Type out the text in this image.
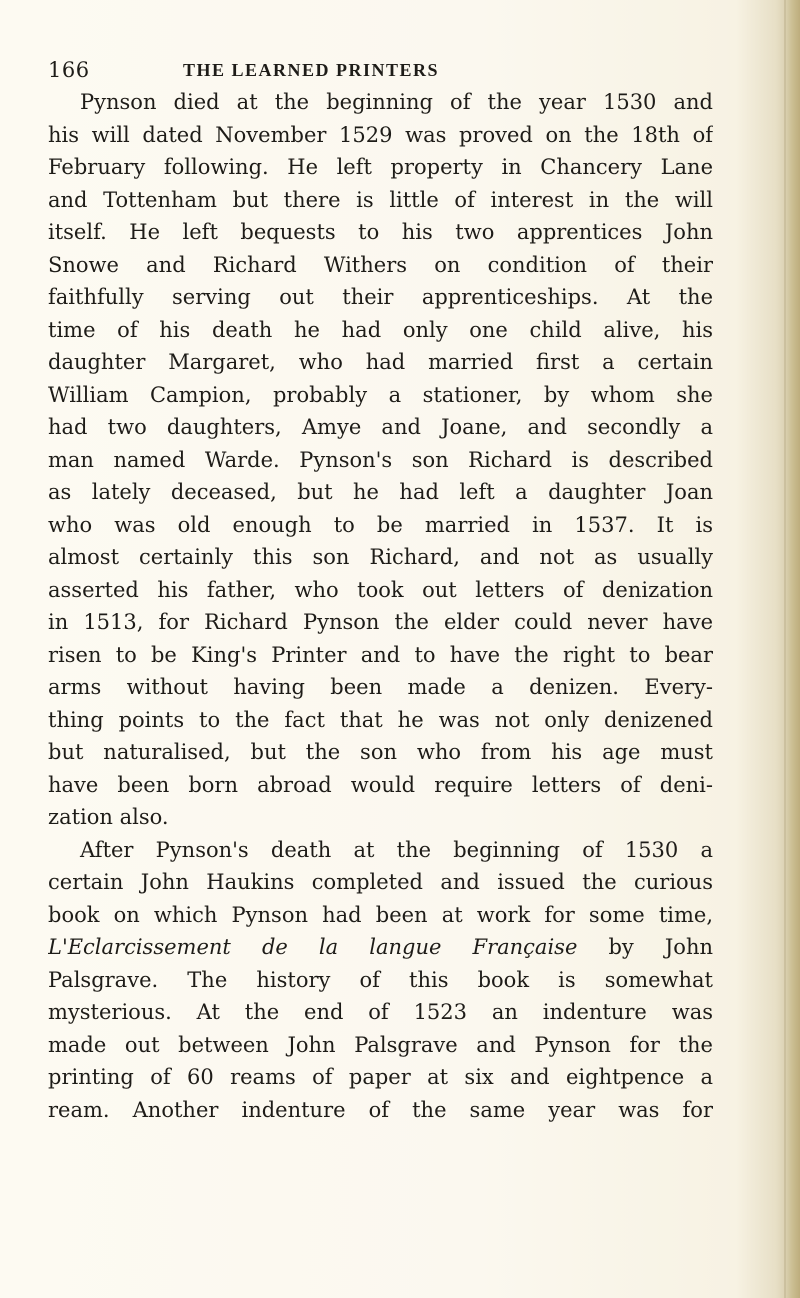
166	THE LEARNED PRINTERS
Pynson died at the beginning of the year 1530 and
his will dated November 1529 was proved on the 18th of
February following. He left property in Chancery Lane
and Tottenham but there is little of interest in the will
itself. He left bequests to his two apprentices John
Snowe and Richard Withers on condition of their
faithfully serving out their apprenticeships. At the
time of his death he had only one child alive, his
daughter Margaret, who had married first a certain
William Campion, probably a stationer, by whom she
had two daughters, Amye and Joane, and secondly a
man named Warde. Pynson's son Richard is described
as lately deceased, but he had left a daughter Joan
who was old enough to be married in 1537. It is
almost certainly this son Richard, and not as usually
asserted his father, who took out letters of denization
in 1513, for Richard Pynson the elder could never have
risen to be King's Printer and to have the right to bear
arms without having been made a denizen. Every-
thing points to the fact that he was not only denizened
but naturalised, but the son who from his age must
have been born abroad would require letters of deni-
zation also.
After Pynson's death at the beginning of 1530 a
certain John Haukins completed and issued the curious
book on which Pynson had been at work for some time,
L'Eclarcissement de la langue Française by John
Palsgrave. The history of this book is somewhat
mysterious. At the end of 1523 an indenture was
made out between John Palsgrave and Pynson for the
printing of 60 reams of paper at six and eightpence a
ream. Another indenture of the same year was for
